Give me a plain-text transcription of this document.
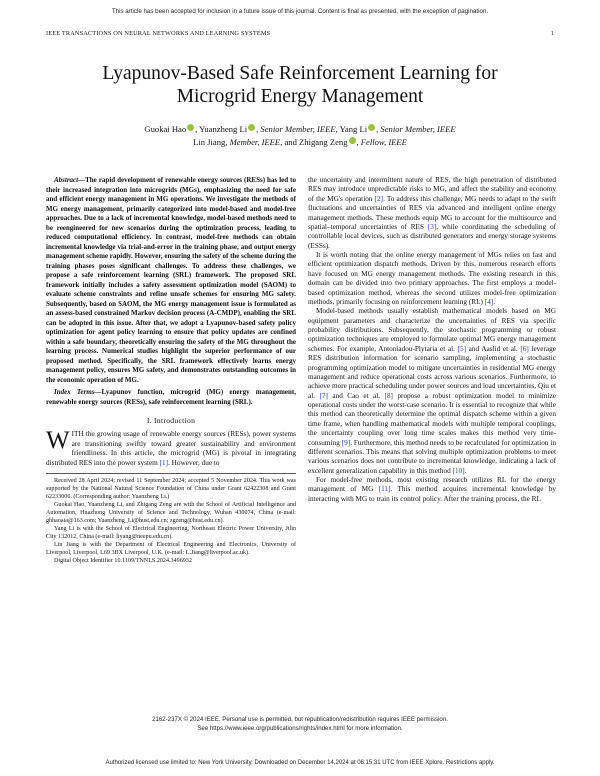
This article has been accepted for inclusion in a future issue of this journal. Content is final as presented, with the exception of pagination.
IEEE TRANSACTIONS ON NEURAL NETWORKS AND LEARNING SYSTEMS	1
Lyapunov-Based Safe Reinforcement Learning for
Microgrid Energy Management
Guokai Hao , Yuanzheng Li , Senior Member, IEEE, Yang Li , Senior Member, IEEE
Lin Jiang, Member, IEEE, and Zhigang Zeng , Fellow, IEEE

Abstract—The rapid development of renewable energy sources (RESs) has led to their increased integration into microgrids (MGs), emphasizing the need for safe and efficient energy management in MG operations. We investigate the methods of MG energy management, primarily categorized into model-based and model-free approaches. Due to a lack of incremental knowledge, model-based methods need to be reengineered for new scenarios during the optimization process, leading to reduced computational efficiency. In contrast, model-free methods can obtain incremental knowledge via trial-and-error in the training phase, and output energy management scheme rapidly. However, ensuring the safety of the scheme during the training phases poses significant challenges. To address these challenges, we propose a safe reinforcement learning (SRL) framework. The proposed SRL framework initially includes a safety assessment optimization model (SAOM) to evaluate scheme constraints and refine unsafe schemes for ensuring MG safety. Subsequently, based on SAOM, the MG energy management issue is formulated as an assess-based constrained Markov decision process (A-CMDP), enabling the SRL can be adopted in this issue. After that, we adopt a Lyapunov-based safety policy optimization for agent policy learning to ensure that policy updates are confined within a safe boundary, theoretically ensuring the safety of the MG throughout the learning process. Numerical studies highlight the superior performance of our proposed method. Specifically, the SRL framework effectively learns energy management policy, ensures MG safety, and demonstrates outstanding outcomes in the economic operation of MG.

Index Terms—Lyapunov function, microgrid (MG) energy management, renewable energy sources (RESs), safe reinforcement learning (SRL).

I. Introduction

WITH the growing usage of renewable energy sources (RESs), power systems are transitioning swiftly toward greater sustainability and environment friendliness. In this article, the microgrid (MG) is pivotal in integrating distributed RES into the power system [1]. However, due to

Received 28 April 2024; revised 11 September 2024; accepted 5 November 2024. This work was supported by the National Natural Science Foundation of China under Grant 62422308 and Grant 62233006. (Corresponding author: Yuanzheng Li.)

Guokai Hao, Yuanzheng Li, and Zhigang Zeng are with the School of Artificial Intelligence and Automation, Huazhong University of Science and Technology, Wuhan 430074, China (e-mail: ghhaoaia@163.com; Yuanzheng_Li@hust.edu.cn; zgzeng@hust.edu.cn).

Yang Li is with the School of Electrical Engineering, Northeast Electric Power University, Jilin City 132012, China (e-mail: liyang@neepu.edu.cn).

Lin Jiang is with the Department of Electrical Engineering and Electronics, University of Liverpool, Liverpool, L69 3BX Liverpool, U.K. (e-mail: L.Jiang@liverpool.ac.uk).

Digital Object Identifier 10.1109/TNNLS.2024.3496932

the uncertainty and intermittent nature of RES, the high penetration of distributed RES may introduce unpredictable risks to MG, and affect the stability and economy of the MG's operation [2]. To address this challenge, MG needs to adapt to the swift fluctuations and uncertainties of RES via advanced and intelligent online energy management methods. These methods equip MG to account for the multisource and spatial–temporal uncertainties of RES [3], while coordinating the scheduling of controllable local devices, such as distributed generators and energy storage systems (ESSs).

It is worth noting that the online energy management of MGs relies on fast and efficient optimization dispatch methods. Driven by this, numerous research efforts have focused on MG energy management methods. The existing research in this domain can be divided into two primary approaches. The first employs a model-based optimization method, whereas the second utilizes model-free optimization methods, primarily focusing on reinforcement learning (RL) [4].

Model-based methods usually establish mathematical models based on MG equipment parameters and characterize the uncertainties of RES via specific probability distributions. Subsequently, the stochastic programming or robust optimization techniques are employed to formulate optimal MG energy management schemes. For example, Antoniadou-Plytaria et al. [5] and Aaslid et al. [6] leverage RES distribution information for scenario sampling, implementing a stochastic programming optimization model to mitigate uncertainties in residential MG energy management and reduce operational costs across various scenarios. Furthermore, to achieve more practical scheduling under power sources and load uncertainties, Qiu et al. [7] and Cao et al. [8] propose a robust optimization model to minimize operational costs under the worst-case scenario. It is essential to recognize that while this method can theoretically determine the optimal dispatch scheme within a given time frame, when handling mathematical models with multiple temporal couplings, the uncertainty coupling over long time scales makes this method very time-consuming [9]. Furthermore, this method needs to be recalculated for optimization in different scenarios. This means that solving multiple optimization problems to meet various scenarios does not contribute to incremental knowledge, indicating a lack of excellent generalization capability in this method [10].

For model-free methods, most existing research utilizes RL for the energy management of MG [11]. This method acquires incremental knowledge by interacting with MG to train its control policy. After the training process, the RL

2162-237X © 2024 IEEE. Personal use is permitted, but republication/redistribution requires IEEE permission.
See https://www.ieee.org/publications/rights/index.html for more information.
Authorized licensed use limited to: New York University. Downloaded on December 14,2024 at 06:15:31 UTC from IEEE Xplore. Restrictions apply.
